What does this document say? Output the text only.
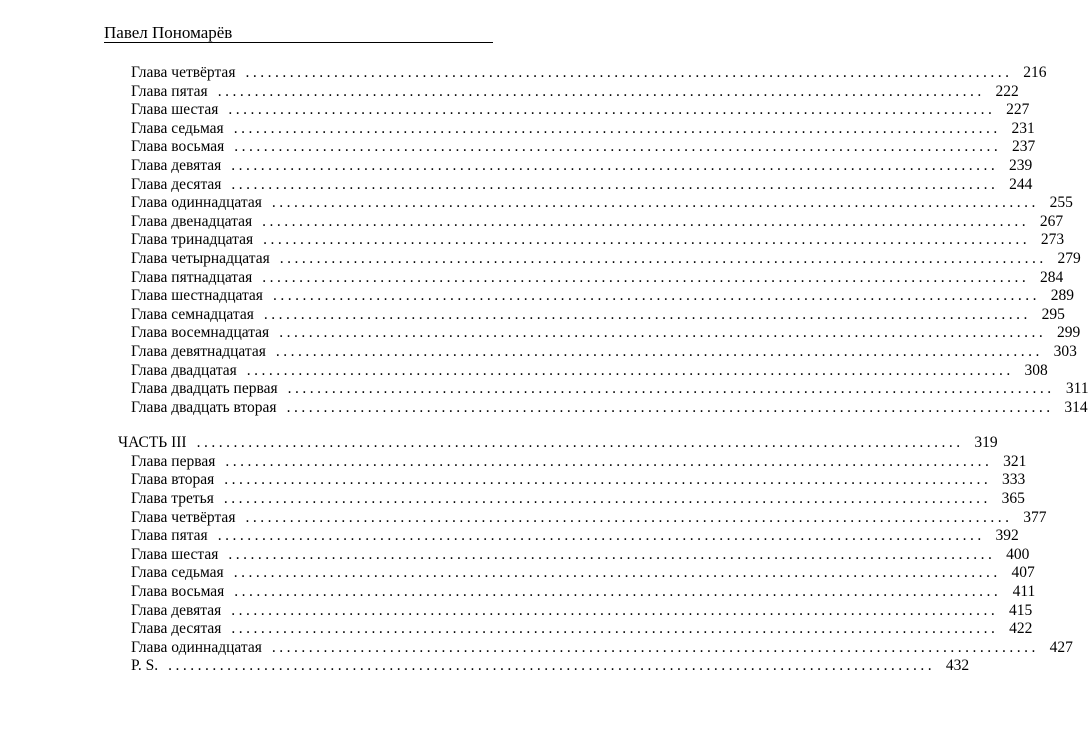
Павел Пономарёв
Глава четвёртая ........................................................................................................ 216
Глава пятая ........................................................................................................ 222
Глава шестая ........................................................................................................ 227
Глава седьмая ........................................................................................................ 231
Глава восьмая ........................................................................................................ 237
Глава девятая ........................................................................................................ 239
Глава десятая ........................................................................................................ 244
Глава одиннадцатая ........................................................................................................ 255
Глава двенадцатая ........................................................................................................ 267
Глава тринадцатая ........................................................................................................ 273
Глава четырнадцатая ........................................................................................................ 279
Глава пятнадцатая ........................................................................................................ 284
Глава шестнадцатая ........................................................................................................ 289
Глава семнадцатая ........................................................................................................ 295
Глава восемнадцатая ........................................................................................................ 299
Глава девятнадцатая ........................................................................................................ 303
Глава двадцатая ........................................................................................................ 308
Глава двадцать первая ........................................................................................................ 311
Глава двадцать вторая ........................................................................................................ 314
ЧАСТЬ III ........................................................................................................ 319
Глава первая ........................................................................................................ 321
Глава вторая ........................................................................................................ 333
Глава третья ........................................................................................................ 365
Глава четвёртая ........................................................................................................ 377
Глава пятая ........................................................................................................ 392
Глава шестая ........................................................................................................ 400
Глава седьмая ........................................................................................................ 407
Глава восьмая ........................................................................................................ 411
Глава девятая ........................................................................................................ 415
Глава десятая ........................................................................................................ 422
Глава одиннадцатая ........................................................................................................ 427
P. S. ........................................................................................................ 432
